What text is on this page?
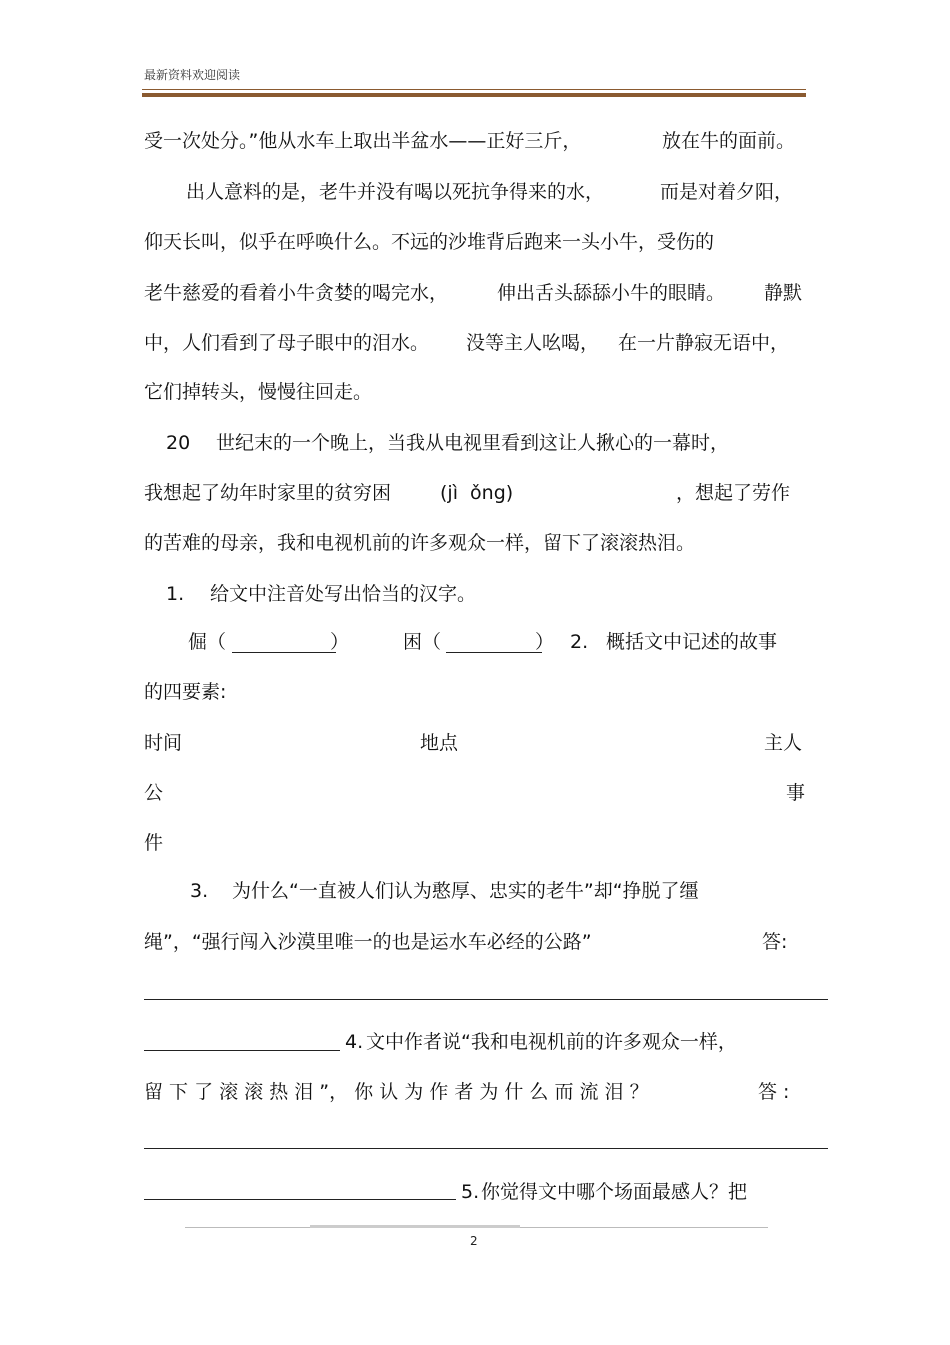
最新资料欢迎阅读
受一次处分。”他从水车上取出半盆水——正好三斤，	放在牛的面前。
出人意料的是，老牛并没有喝以死抗争得来的水，	而是对着夕阳，
仰天长叫，似乎在呼唤什么。不远的沙堆背后跑来一头小牛，受伤的
老牛慈爱的看着小牛贪婪的喝完水，	伸出舌头舔舔小牛的眼睛。 静默
中，人们看到了母子眼中的泪水。 没等主人吆喝， 在一片静寂无语中，
它们掉转头，慢慢往回走。
20 世纪末的一个晚上，当我从电视里看到这让人揪心的一幕时，
我想起了幼年时家里的贫穷困	(jì  ǒng)	，想起了劳作
的苦难的母亲，我和电视机前的许多观众一样，留下了滚滚热泪。
1. 给文中注音处写出恰当的汉字。
倔（	）	困（	） 2. 概括文中记述的故事
的四要素:
时间	地点	主人
公	事
件
3. 为什么“一直被人们认为憨厚、忠实的老牛”却“挣脱了缰
绳”，“强行闯入沙漠里唯一的也是运水车必经的公路”	答:
4. 文中作者说“我和电视机前的许多观众一样，
留 下 了 滚 滚 热 泪 ”， 你 认 为 作 者 为 什 么 而 流 泪 ？	答 :
5. 你觉得文中哪个场面最感人？把
2
